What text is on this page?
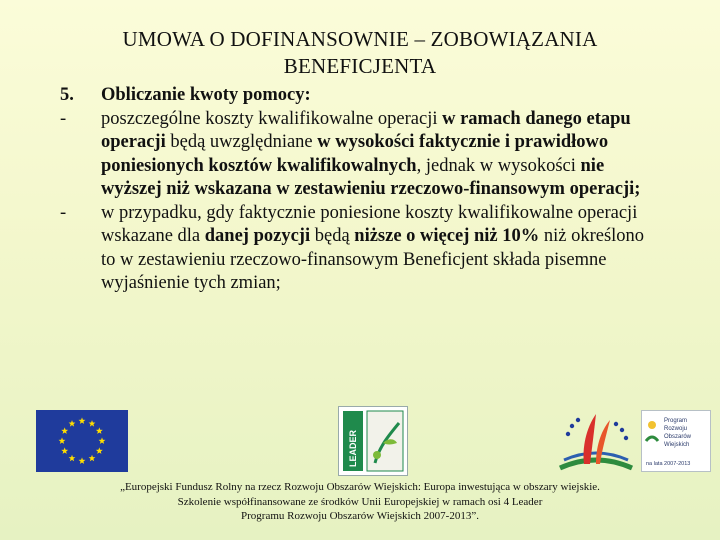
UMOWA O DOFINANSOWNIE – ZOBOWIĄZANIA
BENEFICJENTA
5.	Obliczanie kwoty pomocy:
-	poszczególne koszty kwalifikowalne operacji w ramach danego etapu operacji będą uwzględniane w wysokości faktycznie i prawidłowo poniesionych kosztów kwalifikowalnych, jednak w wysokości nie wyższej niż wskazana w zestawieniu rzeczowo-finansowym operacji;
-	w przypadku, gdy faktycznie poniesione koszty kwalifikowalne operacji wskazane dla danej pozycji będą niższe o więcej niż 10% niż określono to w zestawieniu rzeczowo-finansowym Beneficjent składa pisemne wyjaśnienie tych zmian;
LEADER
Program
Rozwoju
Obszarów
Wiejskich
na lata 2007-2013
„Europejski Fundusz Rolny na rzecz Rozwoju Obszarów Wiejskich: Europa inwestująca w obszary wiejskie.
Szkolenie współfinansowane ze środków Unii Europejskiej w ramach osi 4 Leader
Programu Rozwoju Obszarów Wiejskich 2007-2013”.
